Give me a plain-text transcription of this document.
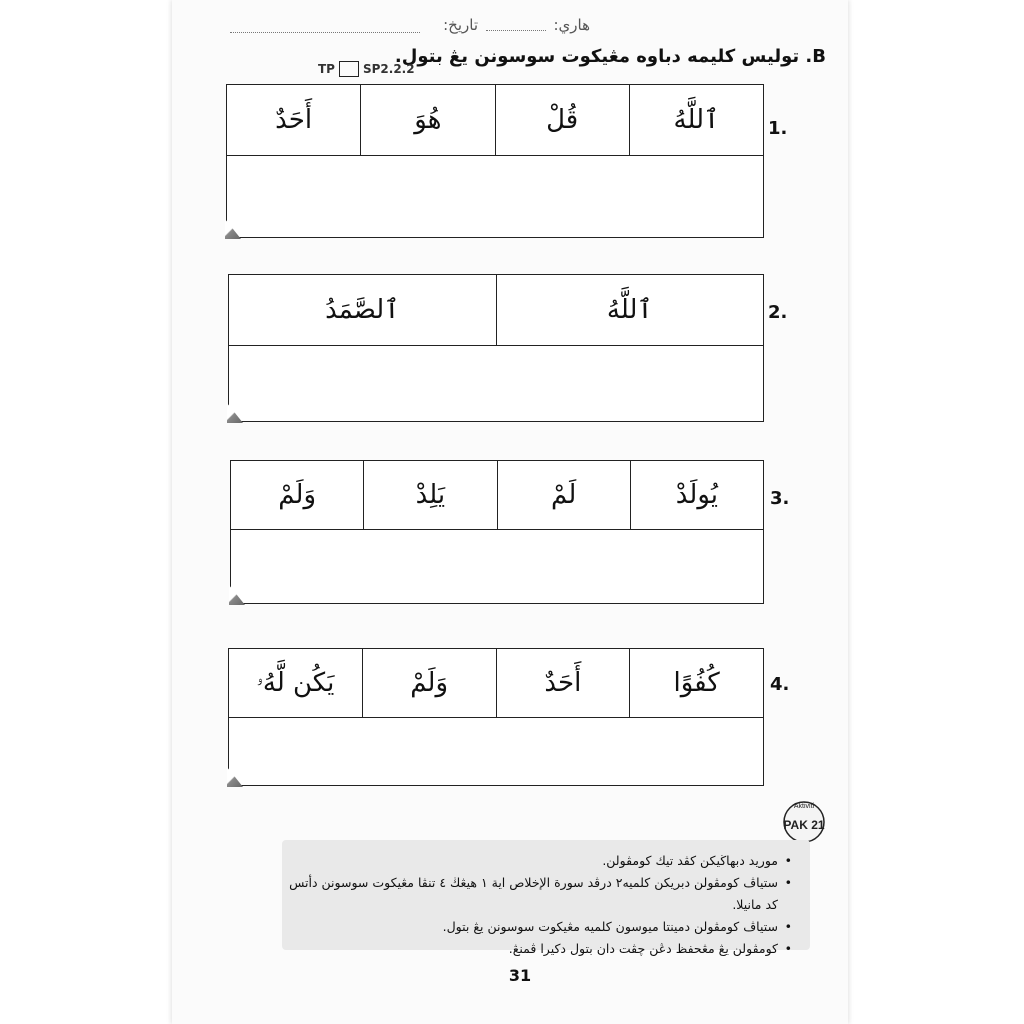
هاري:
تاريخ:
B. توليس كليمه دباوه مڠيكوت سوسونن يڠ بتول.
TP SP2.2.2
1.
ٱللَّهُ
قُلْ
هُوَ
أَحَدٌ
2.
ٱللَّهُ
ٱلصَّمَدُ
3.
يُولَدْ
لَمْ
يَلِدْ
وَلَمْ
4.
كُفُوًا
أَحَدٌ
وَلَمْ
يَكُن لَّهُۥ
Aktiviti
PAK 21
• موريد دبهاڬيكن كڤد تيك كومڤولن.
• ستياڤ كومڤولن دبريكن كلميه٢ درڤد سورة الإخلاص اية ١ هيڠڬ ٤ تنڤا مڠيكوت سوسونن دأتس كد مانيلا.
• ستياڤ كومڤولن دمينتا ميوسون كلميه مڠيكوت سوسونن يڠ بتول.
• كومڤولن يڠ مڠحفظ دڠن چڤت دان بتول دكيرا ڤمنڠ.
31
